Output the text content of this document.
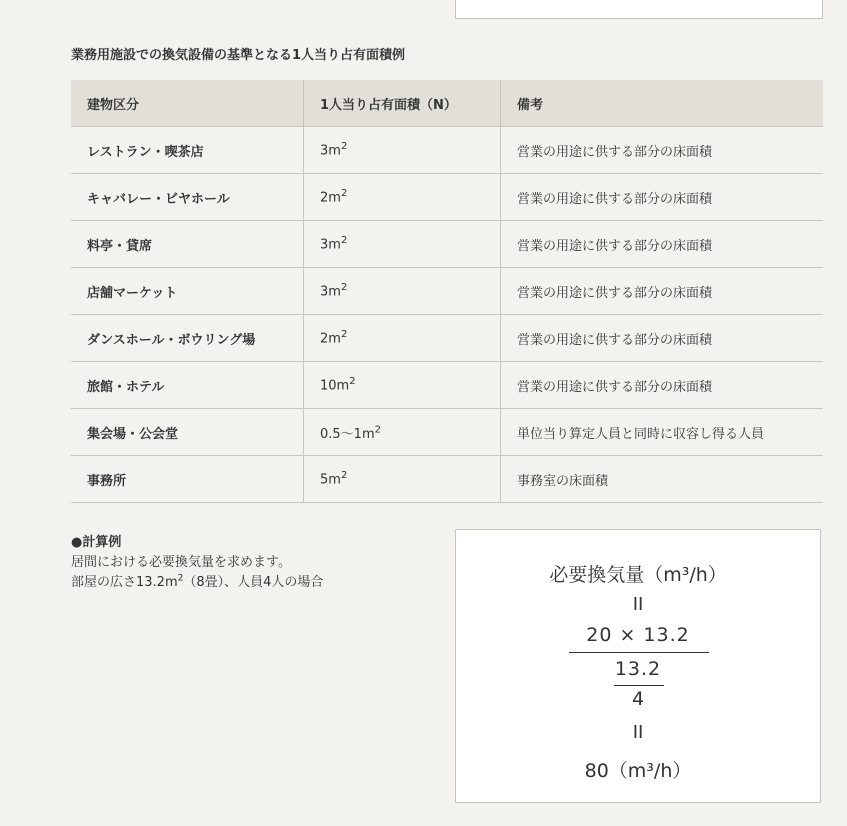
業務用施設での換気設備の基準となる1人当り占有面積例
建物区分	1人当り占有面積（N）	備考
レストラン・喫茶店	$3m^2$	営業の用途に供する部分の床面積
キャバレー・ビヤホール	$2m^2$	営業の用途に供する部分の床面積
料亭・貸席	$3m^2$	営業の用途に供する部分の床面積
店舗マーケット	$3m^2$	営業の用途に供する部分の床面積
ダンスホール・ボウリング場	$2m^2$	営業の用途に供する部分の床面積
旅館・ホテル	$10m^2$	営業の用途に供する部分の床面積
集会場・公会堂	$0.5\sim 1m^2$	単位当り算定人員と同時に収容し得る人員
事務所	$5m^2$	事務室の床面積
●計算例
居間における必要換気量を求めます。
部屋の広さ$13.2m^2(8$畳）、人員4人の場合	必要換気量（m³/h）
II
20 × 13.2
13.2
4
II
80（m³/h）
